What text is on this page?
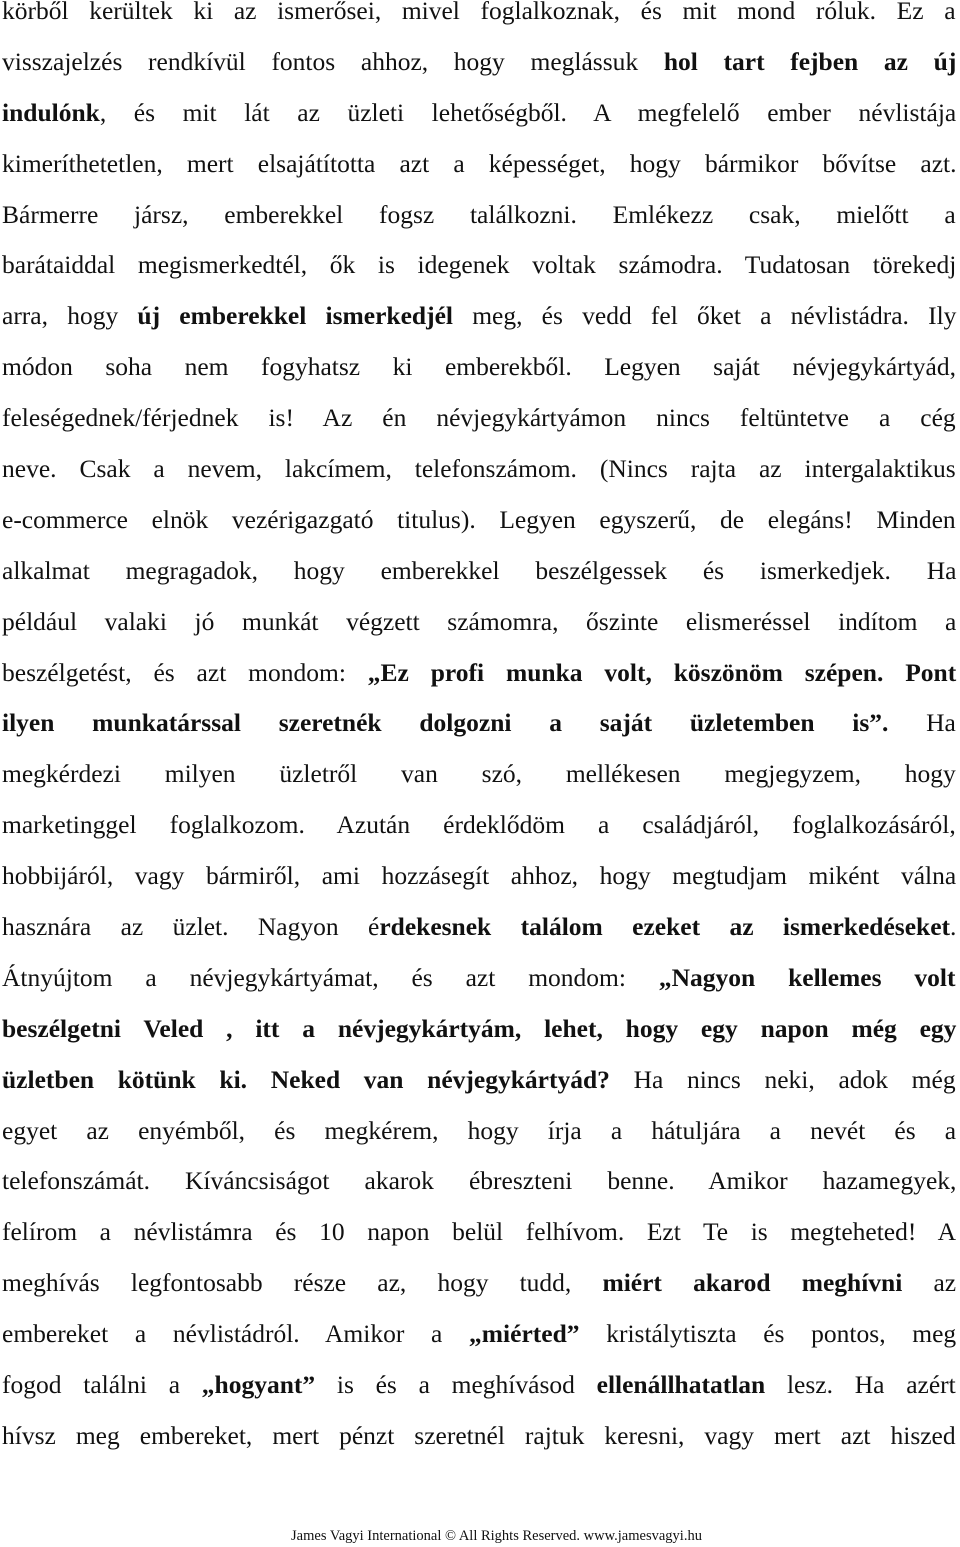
körből kerültek ki az ismerősei, mivel foglalkoznak, és mit mond róluk. Ez a
visszajelzés rendkívül fontos ahhoz, hogy meglássuk hol tart fejben az új
indulónk, és mit lát az üzleti lehetőségből. A megfelelő ember névlistája
kimeríthetetlen, mert elsajátította azt a képességet, hogy bármikor bővítse azt.
Bármerre jársz, emberekkel fogsz találkozni. Emlékezz csak, mielőtt a
barátaiddal megismerkedtél, ők is idegenek voltak számodra. Tudatosan törekedj
arra, hogy új emberekkel ismerkedjél meg, és vedd fel őket a névlistádra. Ily
módon soha nem fogyhatsz ki emberekből. Legyen saját névjegykártyád,
feleségednek/férjednek is! Az én névjegykártyámon nincs feltüntetve a cég
neve. Csak a nevem, lakcímem, telefonszámom. (Nincs rajta az intergalaktikus
e-commerce elnök vezérigazgató titulus). Legyen egyszerű, de elegáns! Minden
alkalmat megragadok, hogy emberekkel beszélgessek és ismerkedjek. Ha
például valaki jó munkát végzett számomra, őszinte elismeréssel indítom a
beszélgetést, és azt mondom: „Ez profi munka volt, köszönöm szépen. Pont
ilyen munkatárssal szeretnék dolgozni a saját üzletemben is”. Ha
megkérdezi milyen üzletről van szó, mellékesen megjegyzem, hogy
marketinggel foglalkozom. Azután érdeklődöm a családjáról, foglalkozásáról,
hobbijáról, vagy bármiről, ami hozzásegít ahhoz, hogy megtudjam miként válna
hasznára az üzlet. Nagyon érdekesnek találom ezeket az ismerkedéseket.
Átnyújtom a névjegykártyámat, és azt mondom: „Nagyon kellemes volt
beszélgetni Veled , itt a névjegykártyám, lehet, hogy egy napon még egy
üzletben kötünk ki. Neked van névjegykártyád? Ha nincs neki, adok még
egyet az enyémből, és megkérem, hogy írja a hátuljára a nevét és a
telefonszámát. Kíváncsiságot akarok ébreszteni benne. Amikor hazamegyek,
felírom a névlistámra és 10 napon belül felhívom. Ezt Te is megteheted! A
meghívás legfontosabb része az, hogy tudd, miért akarod meghívni az
embereket a névlistádról. Amikor a „miérted” kristálytiszta és pontos, meg
fogod találni a „hogyant” is és a meghívásod ellenállhatatlan lesz. Ha azért
hívsz meg embereket, mert pénzt szeretnél rajtuk keresni, vagy mert azt hiszed
James Vagyi International © All Rights Reserved. www.jamesvagyi.hu
